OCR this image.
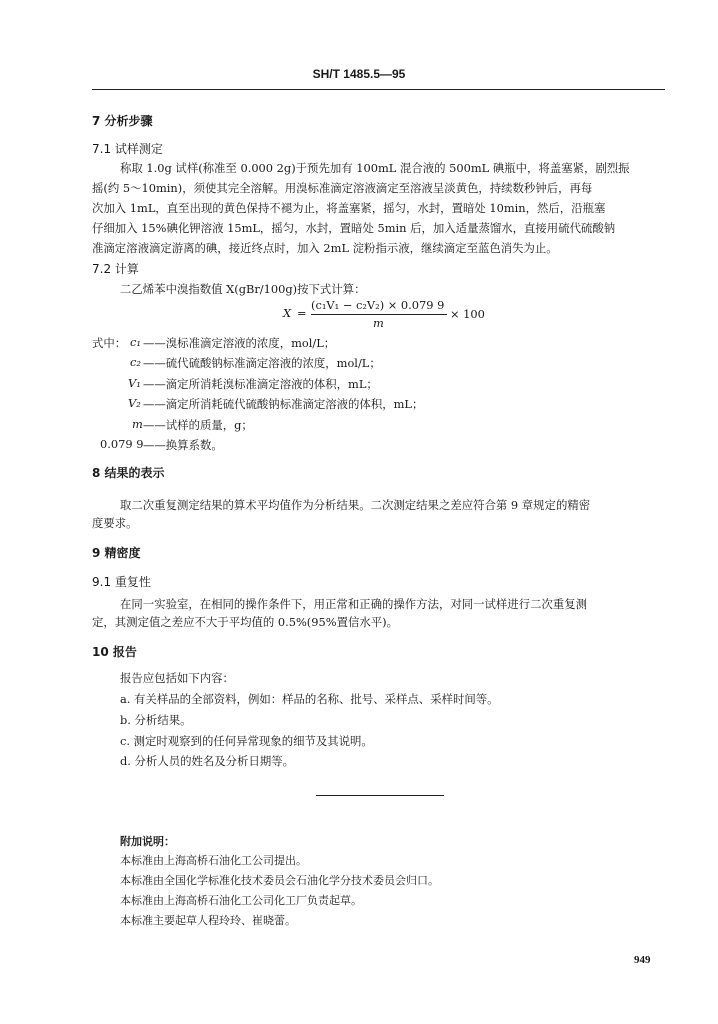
SH/T 1485.5—95
7 分析步骤
7.1 试样测定
称取 1.0g 试样(称准至 0.000 2g)于预先加有 100mL 混合液的 500mL 碘瓶中，将盖塞紧，剧烈振
摇(约 5～10min)，须使其完全溶解。用溴标准滴定溶液滴定至溶液呈淡黄色，持续数秒钟后，再每
次加入 1mL，直至出现的黄色保持不褪为止，将盖塞紧，摇匀，水封，置暗处 10min，然后，沿瓶塞
仔细加入 15%碘化钾溶液 15mL，摇匀，水封，置暗处 5min 后，加入适量蒸馏水，直接用硫代硫酸钠
准滴定溶液滴定游离的碘，接近终点时，加入 2mL 淀粉指示液，继续滴定至蓝色消失为止。
7.2 计算
二乙烯苯中溴指数值 X(gBr/100g)按下式计算：
X =
(c₁V₁ − c₂V₂) × 0.079 9
m
× 100
式中： c₁ ——溴标准滴定溶液的浓度，mol/L；
c₂ ——硫代硫酸钠标准滴定溶液的浓度，mol/L；
V₁ ——滴定所消耗溴标准滴定溶液的体积，mL；
V₂ ——滴定所消耗硫代硫酸钠标准滴定溶液的体积，mL；
m ——试样的质量，g；
0.079 9 ——换算系数。
8 结果的表示
取二次重复测定结果的算术平均值作为分析结果。二次测定结果之差应符合第 9 章规定的精密
度要求。
9 精密度
9.1 重复性
在同一实验室，在相同的操作条件下，用正常和正确的操作方法，对同一试样进行二次重复测
定，其测定值之差应不大于平均值的 0.5%(95%置信水平)。
10 报告
报告应包括如下内容：
a. 有关样品的全部资料，例如：样品的名称、批号、采样点、采样时间等。
b. 分析结果。
c. 测定时观察到的任何异常现象的细节及其说明。
d. 分析人员的姓名及分析日期等。
附加说明：
本标准由上海高桥石油化工公司提出。
本标准由全国化学标准化技术委员会石油化学分技术委员会归口。
本标准由上海高桥石油化工公司化工厂负责起草。
本标准主要起草人程玲玲、崔晓蕾。
949
